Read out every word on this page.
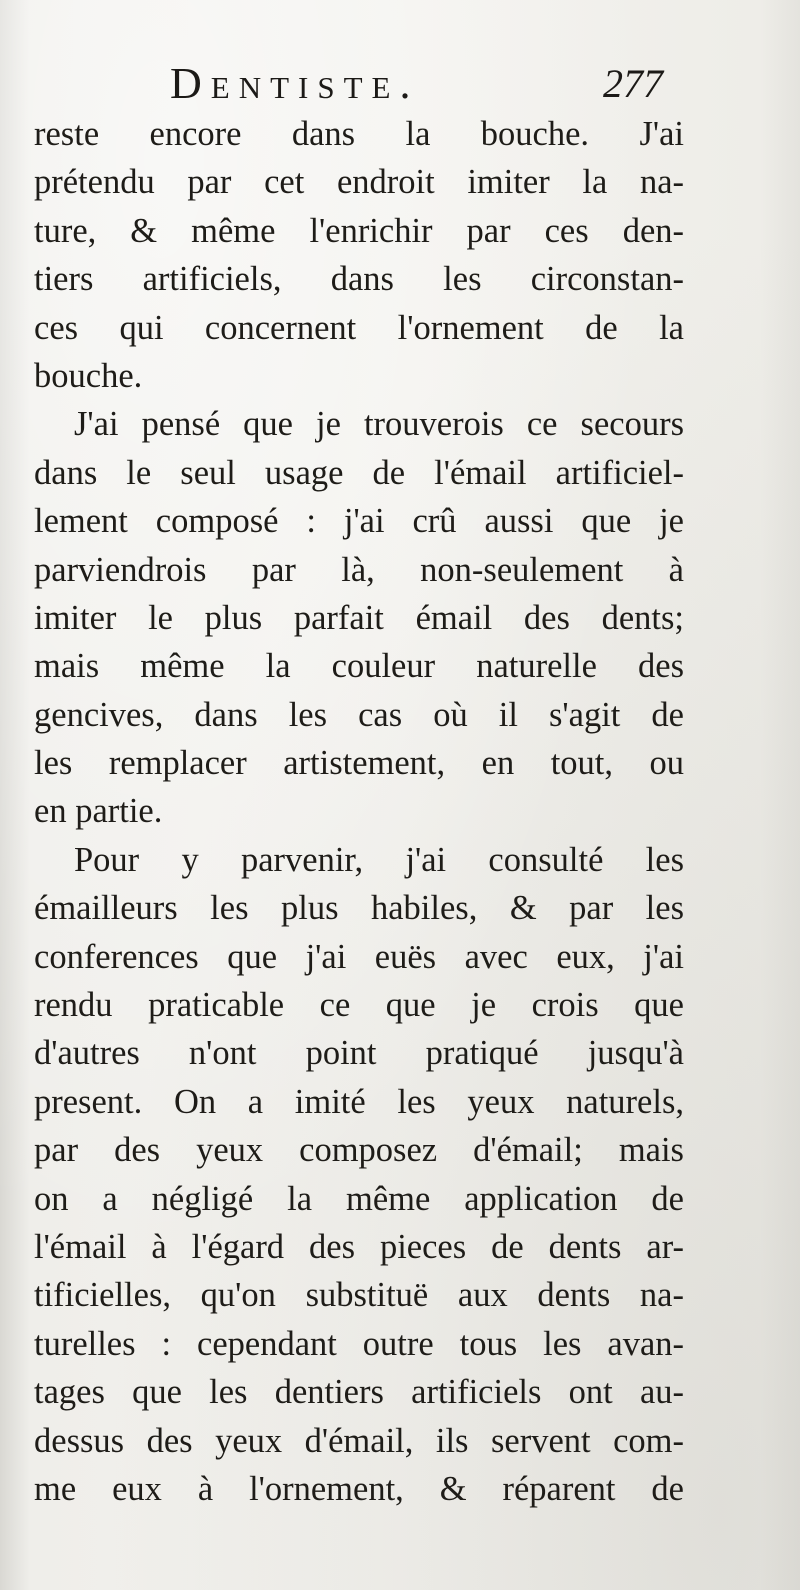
Dentiste.	277

reste encore dans la bouche. J'ai
prétendu par cet endroit imiter la na-
ture, & même l'enrichir par ces den-
tiers artificiels, dans les circonstan-
ces qui concernent l'ornement de la
bouche.

J'ai pensé que je trouverois ce secours
dans le seul usage de l'émail artificiel-
lement composé : j'ai crû aussi que je
parviendrois par là, non-seulement à
imiter le plus parfait émail des dents;
mais même la couleur naturelle des
gencives, dans les cas où il s'agit de
les remplacer artistement, en tout, ou
en partie.

Pour y parvenir, j'ai consulté les
émailleurs les plus habiles, & par les
conferences que j'ai euës avec eux, j'ai
rendu praticable ce que je crois que
d'autres n'ont point pratiqué jusqu'à
present. On a imité les yeux naturels,
par des yeux composez d'émail; mais
on a négligé la même application de
l'émail à l'égard des pieces de dents ar-
tificielles, qu'on substituë aux dents na-
turelles : cependant outre tous les avan-
tages que les dentiers artificiels ont au-
dessus des yeux d'émail, ils servent com-
me eux à l'ornement, & réparent de
